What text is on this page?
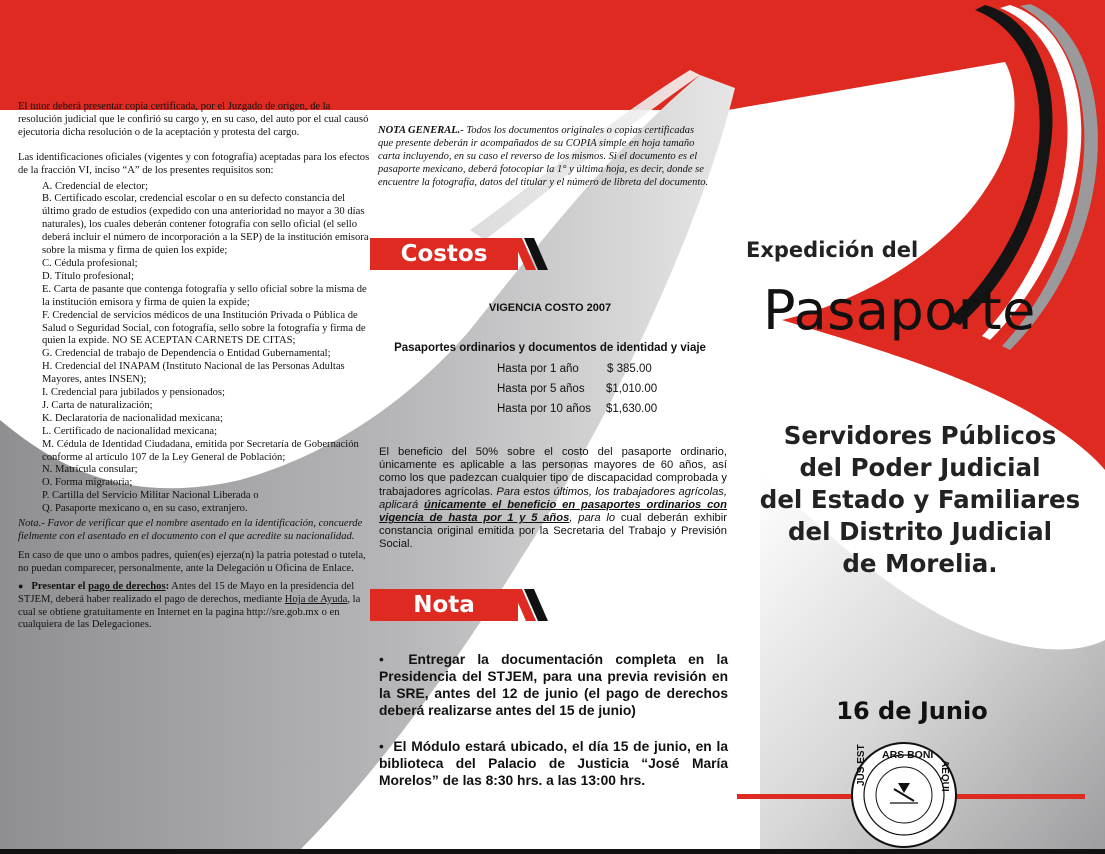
ARS BONI
JUS EST	AEQUI

El tutor deberá presentar copia certificada, por el Juzgado de origen, de la resolución judicial que le confirió su cargo y, en su caso, del auto por el cual causó ejecutoria dicha resolución o de la aceptación y protesta del cargo.

Las identificaciones oficiales (vigentes y con fotografía) aceptadas para los efectos de la fracción VI, inciso “A” de los presentes requisitos son:

A. Credencial de elector;
B. Certificado escolar, credencial escolar o en su defecto constancia del último grado de estudios (expedido con una anterioridad no mayor a 30 días naturales), los cuales deberán contener fotografía con sello oficial (el sello deberá incluir el número de incorporación a la SEP) de la institución emisora sobre la misma y firma de quien los expide;
C. Cédula profesional;
D. Título profesional;
E. Carta de pasante que contenga fotografía y sello oficial sobre la misma de la institución emisora y firma de quien la expide;
F. Credencial de servicios médicos de una Institución Privada o Pública de Salud o Seguridad Social, con fotografía, sello sobre la fotografía y firma de quien la expide. NO SE ACEPTAN CARNETS DE CITAS;
G. Credencial de trabajo de Dependencia o Entidad Gubernamental;
H. Credencial del INAPAM (Instituto Nacional de las Personas Adultas Mayores, antes INSEN);
I. Credencial para jubilados y pensionados;
J. Carta de naturalización;
K. Declaratoria de nacionalidad mexicana;
L. Certificado de nacionalidad mexicana;
M. Cédula de Identidad Ciudadana, emitida por Secretaría de Gobernación conforme al artículo 107 de la Ley General de Población;
N. Matrícula consular;
O. Forma migratoria;
P. Cartilla del Servicio Militar Nacional Liberada o
Q. Pasaporte mexicano o, en su caso, extranjero.

Nota.- Favor de verificar que el nombre asentado en la identificación, concuerde fielmente con el asentado en el documento con el que acredite su nacionalidad.

En caso de que uno o ambos padres, quien(es) ejerza(n) la patria potestad o tutela, no puedan comparecer, personalmente, ante la Delegación u Oficina de Enlace.

● Presentar el pago de derechos: Antes del 15 de Mayo en la presidencia del STJEM, deberá haber realizado el pago de derechos, mediante Hoja de Ayuda, la cual se obtiene gratuitamente en Internet en la pagina http://sre.gob.mx o en cualquiera de las Delegaciones.

NOTA GENERAL.- Todos los documentos originales o copias certificadas que presente deberán ir acompañados de su COPIA simple en hoja tamaño carta incluyendo, en su caso el reverso de los mismos. Si el documento es el pasaporte mexicano, deberá fotocopiar la 1° y última hoja, es decir, donde se encuentre la fotografía, datos del titular y el número de libreta del documento.
Costos
VIGENCIA COSTO 2007
Pasaportes ordinarios y documentos de identidad y viaje
Hasta por 1 año $ 385.00
Hasta por 5 años $1,010.00
Hasta por 10 años $1,630.00
El beneficio del 50% sobre el costo del pasaporte ordinario, únicamente es aplicable a las personas mayores de 60 años, así como los que padezcan cualquier tipo de discapacidad comprobada y trabajadores agrícolas. Para estos últimos, los trabajadores agrícolas, aplicará únicamente el beneficio en pasaportes ordinarios con vigencia de hasta por 1 y 5 años, para lo cual deberán exhibir constancia original emitida por la Secretaria del Trabajo y Previsión Social.
Nota
• Entregar la documentación completa en la Presidencia del STJEM, para una previa revisión en la SRE, antes del 12 de junio (el pago de derechos deberá realizarse antes del 15 de junio)
• El Módulo estará ubicado, el día 15 de junio, en la biblioteca del Palacio de Justicia “José María Morelos” de las 8:30 hrs. a las 13:00 hrs.
Expedición del
Pasaporte
Servidores Públicos
del Poder Judicial
del Estado y Familiares
del Distrito Judicial
de Morelia.
16 de Junio
